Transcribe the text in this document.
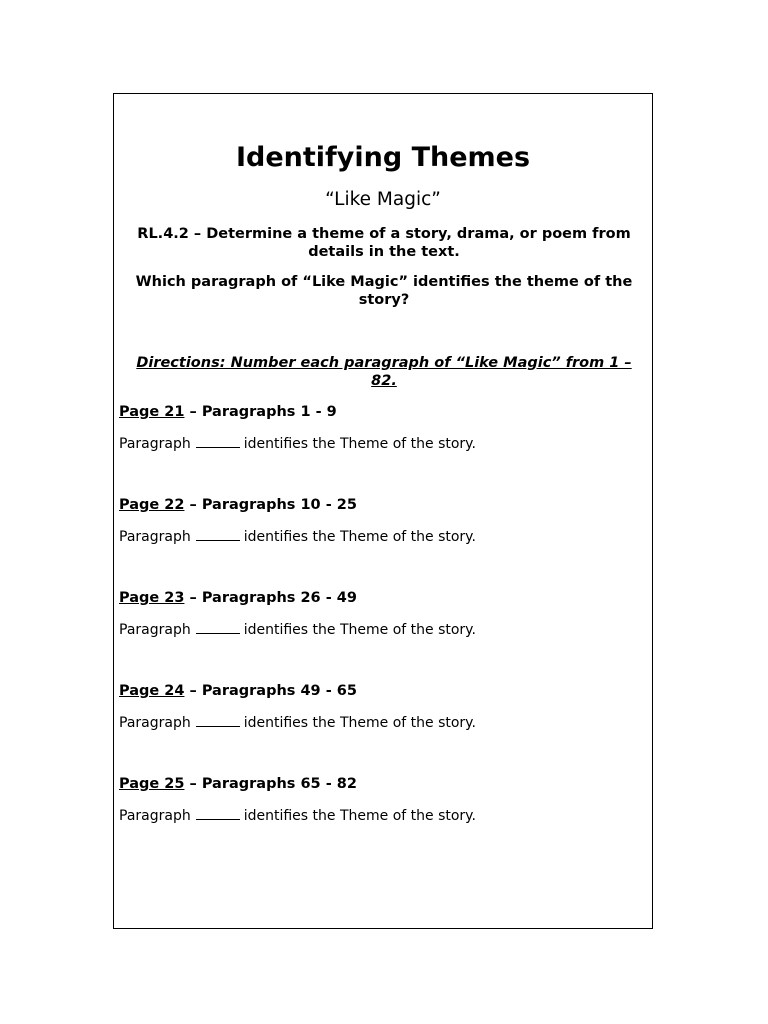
Identifying Themes
“Like Magic”
RL.4.2 – Determine a theme of a story, drama, or poem from details in the text.
Which paragraph of “Like Magic” identifies the theme of the story?
Directions: Number each paragraph of “Like Magic” from 1 – 82.
Page 21 – Paragraphs 1 - 9
Paragraph	identifies the Theme of the story.
Page 22 – Paragraphs 10 - 25
Paragraph	identifies the Theme of the story.
Page 23 – Paragraphs 26 - 49
Paragraph	identifies the Theme of the story.
Page 24 – Paragraphs 49 - 65
Paragraph	identifies the Theme of the story.
Page 25 – Paragraphs 65 - 82
Paragraph	identifies the Theme of the story.
